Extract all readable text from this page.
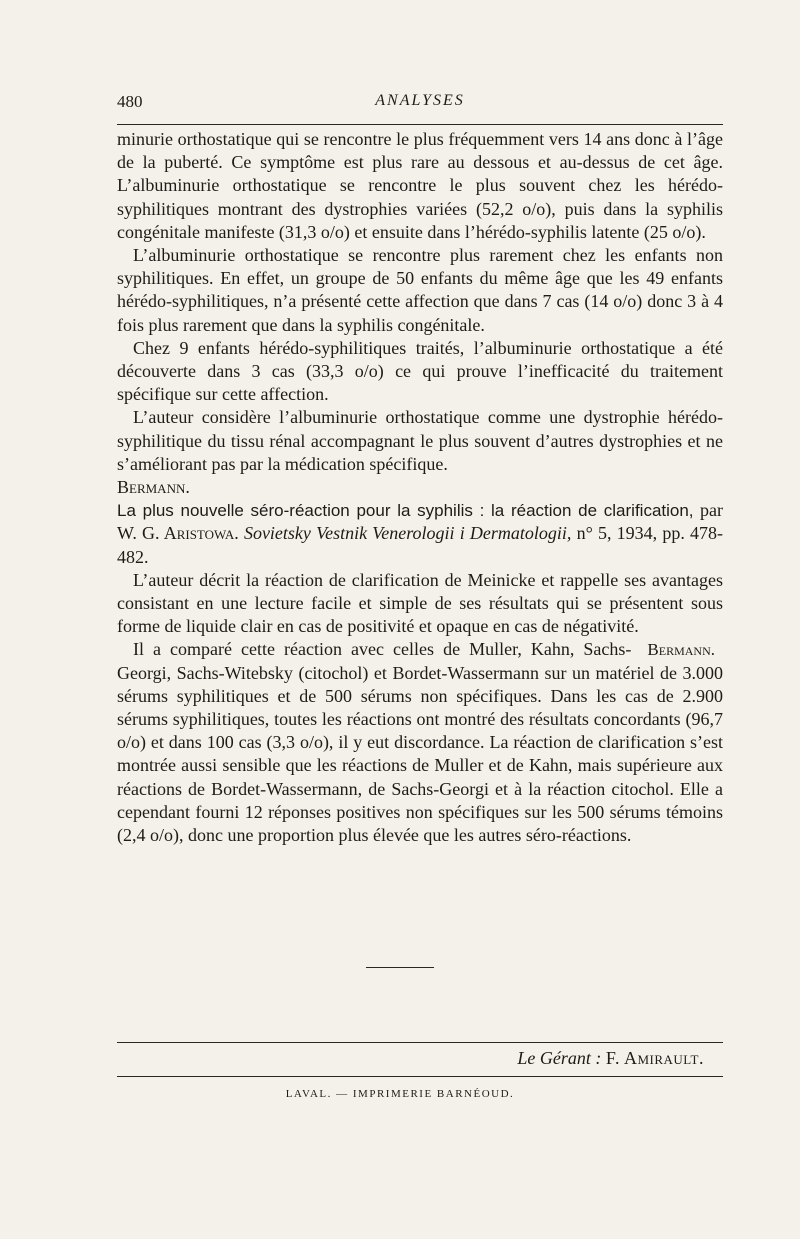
480	ANALYSES

minurie orthostatique qui se rencontre le plus fréquemment vers 14 ans donc à l’âge de la puberté. Ce symptôme est plus rare au dessous et au-dessus de cet âge. L’albuminurie orthostatique se rencontre le plus souvent chez les hérédo-syphilitiques montrant des dystrophies variées (52,2 o/o), puis dans la syphilis congénitale manifeste (31,3 o/o) et ensuite dans l’hérédo-syphilis latente (25 o/o).

L’albuminurie orthostatique se rencontre plus rarement chez les enfants non syphilitiques. En effet, un groupe de 50 enfants du même âge que les 49 enfants hérédo-syphilitiques, n’a présenté cette affection que dans 7 cas (14 o/o) donc 3 à 4 fois plus rarement que dans la syphilis congénitale.

Chez 9 enfants hérédo-syphilitiques traités, l’albuminurie orthostatique a été découverte dans 3 cas (33,3 o/o) ce qui prouve l’inefficacité du traitement spécifique sur cette affection.

L’auteur considère l’albuminurie orthostatique comme une dystrophie hérédo-syphilitique du tissu rénal accompagnant le plus souvent d’autres dystrophies et ne s’améliorant pas par la médication spécifique.

Bermann.

La plus nouvelle séro-réaction pour la syphilis : la réaction de clarification, par W. G. Aristowa. Sovietsky Vestnik Venerologii i Dermatologii, n° 5, 1934, pp. 478-482.

L’auteur décrit la réaction de clarification de Meinicke et rappelle ses avantages consistant en une lecture facile et simple de ses résultats qui se présentent sous forme de liquide clair en cas de positivité et opaque en cas de négativité.

Bermann.
Il a comparé cette réaction avec celles de Muller, Kahn, Sachs-Georgi, Sachs-Witebsky (citochol) et Bordet-Wassermann sur un matériel de 3.000 sérums syphilitiques et de 500 sérums non spécifiques. Dans les cas de 2.900 sérums syphilitiques, toutes les réactions ont montré des résultats concordants (96,7 o/o) et dans 100 cas (3,3 o/o), il y eut discordance. La réaction de clarification s’est montrée aussi sensible que les réactions de Muller et de Kahn, mais supérieure aux réactions de Bordet-Wassermann, de Sachs-Georgi et à la réaction citochol. Elle a cependant fourni 12 réponses positives non spécifiques sur les 500 sérums témoins (2,4 o/o), donc une proportion plus élevée que les autres séro-réactions.

Le Gérant : F. Amirault.
LAVAL. — IMPRIMERIE BARNÉOUD.
